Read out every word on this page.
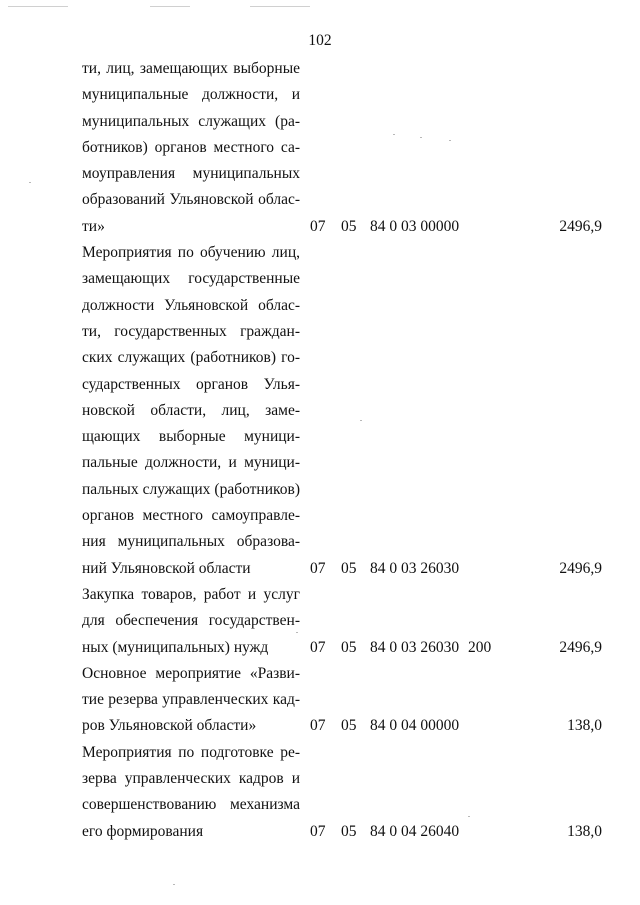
102
ти, лиц, замещающих выборные
муниципальные должности, и
муниципальных служащих (ра-
ботников) органов местного са-
моуправления муниципальных
образований Ульяновской облас-
ти»	07 05 84 0 03 00000	2496,9
Мероприятия по обучению лиц,
замещающих государственные
должности Ульяновской облас-
ти, государственных граждан-
ских служащих (работников) го-
сударственных органов Улья-
новской области, лиц, заме-
щающих выборные муници-
пальные должности, и муници-
пальных служащих (работников)
органов местного самоуправле-
ния муниципальных образова-
ний Ульяновской области	07 05 84 0 03 26030	2496,9
Закупка товаров, работ и услуг
для обеспечения государствен-
ных (муниципальных) нужд	07 05 84 0 03 26030 200	2496,9
Основное мероприятие «Разви-
тие резерва управленческих кад-
ров Ульяновской области»	07 05 84 0 04 00000	138,0
Мероприятия по подготовке ре-
зерва управленческих кадров и
совершенствованию механизма
его формирования	07 05 84 0 04 26040	138,0
